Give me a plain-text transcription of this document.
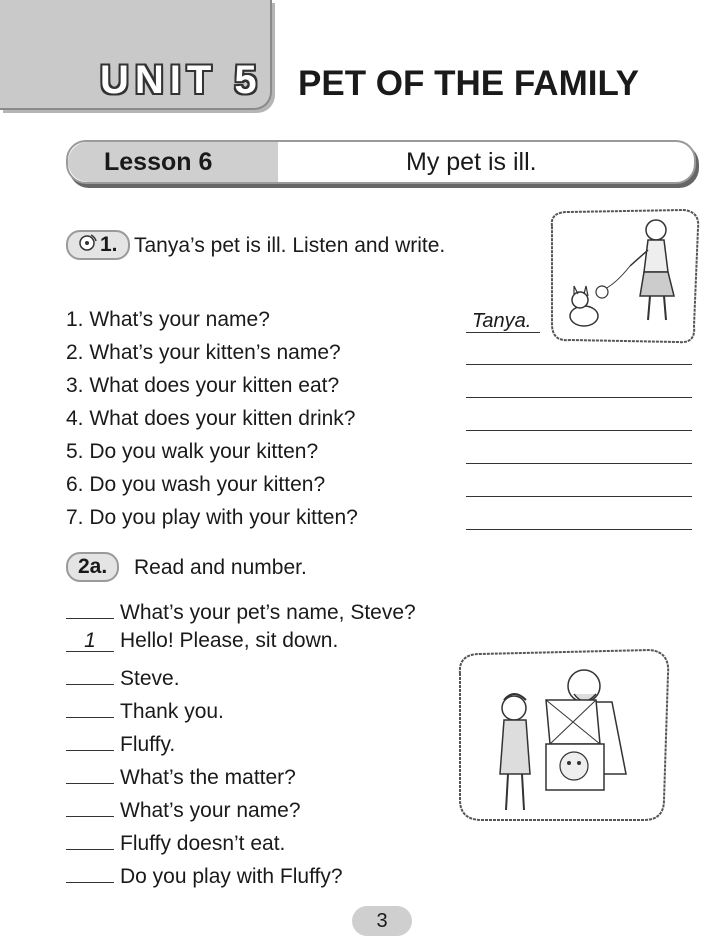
UNIT 5 PET OF THE FAMILY
Lesson 6	My pet is ill.
1. Tanya’s pet is ill. Listen and write.
1. What’s your name?	Tanya.
2. What’s your kitten’s name?
3. What does your kitten eat?
4. What does your kitten drink?
5. Do you walk your kitten?
6. Do you wash your kitten?
7. Do you play with your kitten?
2a.	Read and number.
What’s your pet’s name, Steve?
1 Hello! Please, sit down.
Steve.
Thank you.
Fluffy.
What’s the matter?
What’s your name?
Fluffy doesn’t eat.
Do you play with Fluffy?
3
